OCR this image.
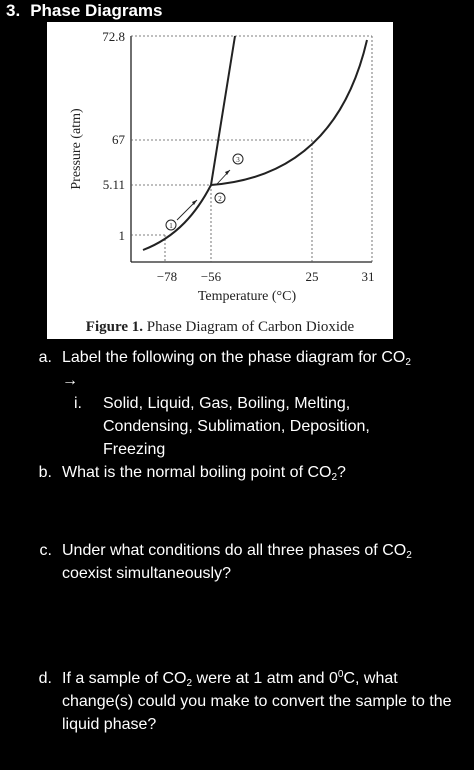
3. Phase Diagrams
1
2
3
72.8
67
5.11
1
−78 −56	25	31
Temperature (°C)
Pressure (atm)
Figure 1. Phase Diagram of Carbon Dioxide
a. Label the following on the phase diagram for $CO_2$
→
i. Solid, Liquid, Gas, Boiling, Melting, Condensing, Sublimation, Deposition, Freezing
b. What is the normal boiling point of $CO_2$?
c. Under what conditions do all three phases of $CO_2$ coexist simultaneously?
d. If a sample of $CO_2$ were at 1 atm and $0^0C$, what change(s) could you make to convert the sample to the liquid phase?
